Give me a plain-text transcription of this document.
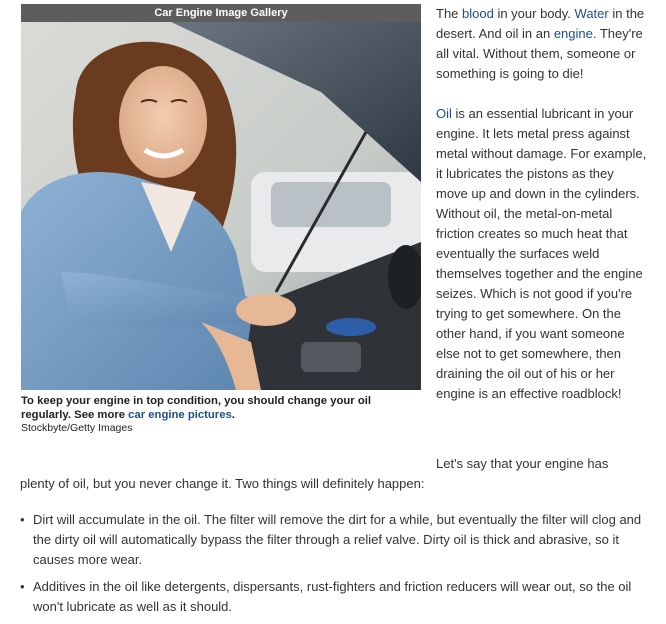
Car Engine Image Gallery
To keep your engine in top condition, you should change your oil regularly. See more car engine pictures.
Stockbyte/Getty Images

The blood in your body. Water in the desert. And oil in an engine. They're all vital. Without them, someone or something is going to die!

Oil is an essential lubricant in your engine. It lets metal press against metal without damage. For example, it lubricates the pistons as they move up and down in the cylinders. Without oil, the metal-on-metal friction creates so much heat that eventually the surfaces weld themselves together and the engine seizes. Which is not good if you're trying to get somewhere. On the other hand, if you want someone else not to get somewhere, then draining the oil out of his or her engine is an effective roadblock!

Let's say that your engine has
plenty of oil, but you never change it. Two things will definitely happen:
• Dirt will accumulate in the oil. The filter will remove the dirt for a while, but eventually the filter will clog and the dirty oil will automatically bypass the filter through a relief valve. Dirty oil is thick and abrasive, so it causes more wear.
• Additives in the oil like detergents, dispersants, rust-fighters and friction reducers will wear out, so the oil won't lubricate as well as it should.
